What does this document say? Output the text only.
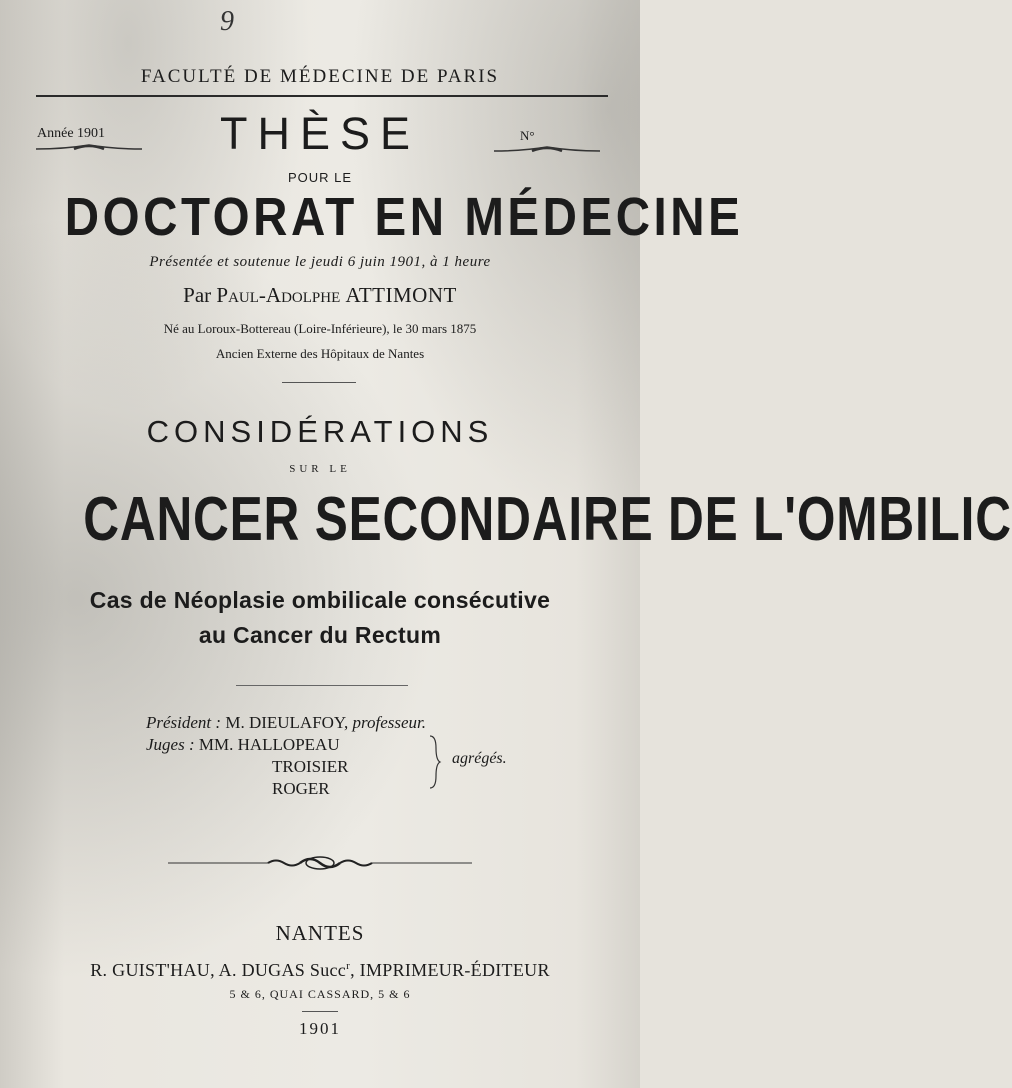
9
FACULTÉ DE MÉDECINE DE PARIS
Année 1901	THÈSE	N°
POUR LE
DOCTORAT EN MÉDECINE
Présentée et soutenue le jeudi 6 juin 1901, à 1 heure
Par Paul-Adolphe ATTIMONT
Né au Loroux-Bottereau (Loire-Inférieure), le 30 mars 1875
Ancien Externe des Hôpitaux de Nantes
CONSIDÉRATIONS
SUR LE
CANCER SECONDAIRE DE L'OMBILIC
Cas de Néoplasie ombilicale consécutive
au Cancer du Rectum
Président : M. DIEULAFOY, professeur.
Juges : MM. HALLOPEAU
TROISIER
ROGER
agrégés.
NANTES
R. GUIST'HAU, A. DUGAS Succ$^r$, IMPRIMEUR-ÉDITEUR
5 & 6, QUAI CASSARD, 5 & 6
1901
